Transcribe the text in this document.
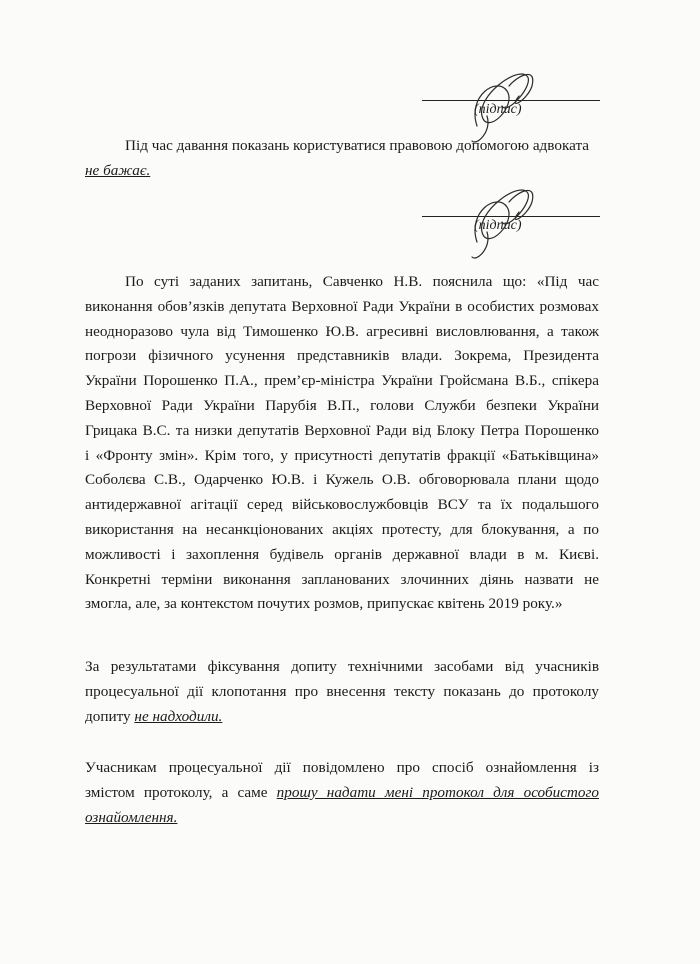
(підпис)
Під час давання показань користуватися правовою допомогою адвоката
не бажає.
(підпис)
По суті заданих запитань, Савченко Н.В. пояснила що: «Під час
виконання обов’язків депутата Верховної Ради України в особистих розмовах
неодноразово чула від Тимошенко Ю.В. агресивні висловлювання, а також
погрози фізичного усунення представників влади. Зокрема, Президента
України Порошенко П.А., прем’єр-міністра України Гройсмана В.Б., спікера
Верховної Ради України Парубія В.П., голови Служби безпеки України
Грицака В.С. та низки депутатів Верховної Ради від Блоку Петра Порошенко
і «Фронту змін». Крім того, у присутності депутатів фракції «Батьківщина»
Соболєва С.В., Одарченко Ю.В. і Кужель О.В. обговорювала плани щодо
антидержавної агітації серед військовослужбовців ВСУ та їх подальшого
використання на несанкціонованих акціях протесту, для блокування, а по
можливості і захоплення будівель органів державної влади в м. Києві.
Конкретні терміни виконання запланованих злочинних діянь назвати не
змогла, але, за контекстом почутих розмов, припускає квітень 2019 року.»
За результатами фіксування допиту технічними засобами від учасників
процесуальної дії клопотання про внесення тексту показань до протоколу
допиту не надходили.
Учасникам процесуальної дії повідомлено про спосіб ознайомлення із
змістом протоколу, а саме прошу надати мені протокол для особистого
ознайомлення.
